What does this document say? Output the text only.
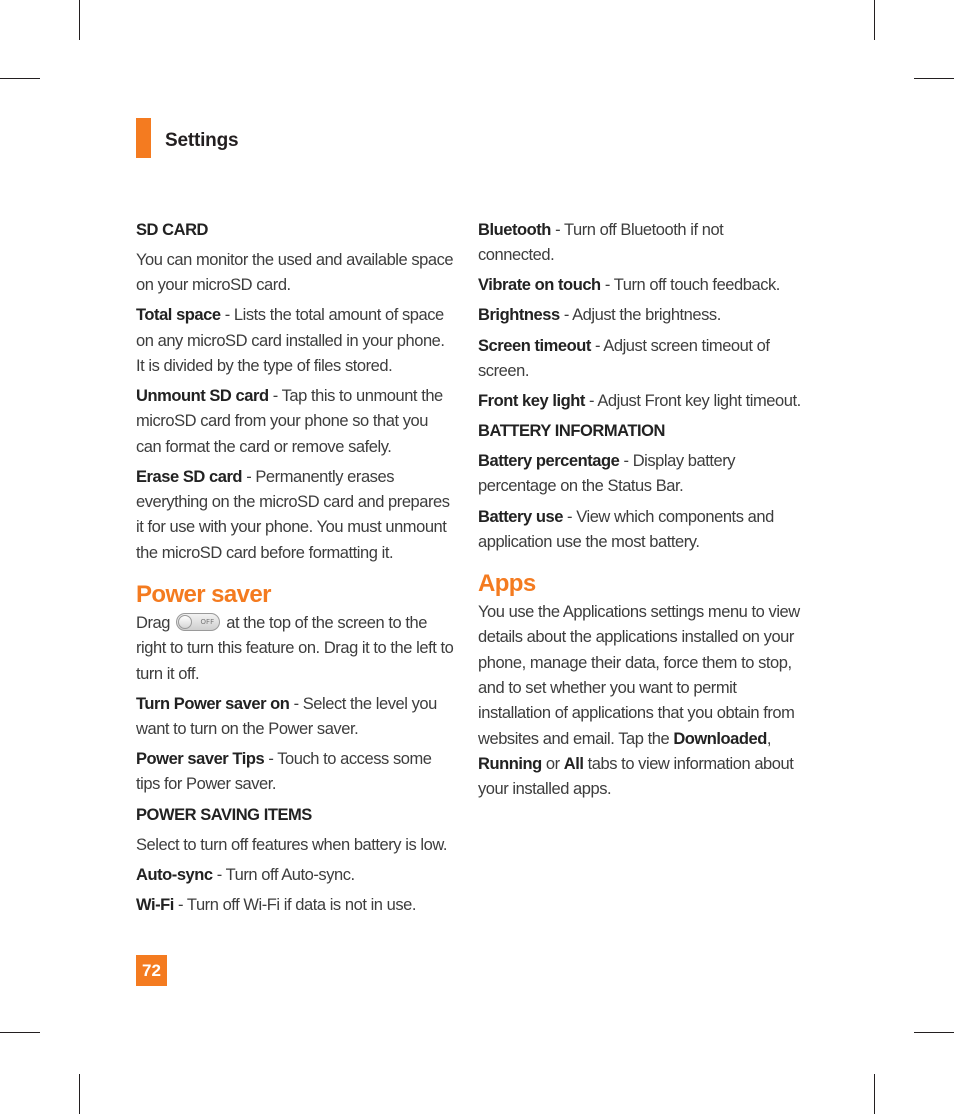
Settings
SD CARD

You can monitor the used and available space on your microSD card.

Total space - Lists the total amount of space on any microSD card installed in your phone. It is divided by the type of files stored.

Unmount SD card - Tap this to unmount the microSD card from your phone so that you can format the card or remove safely.

Erase SD card - Permanently erases everything on the microSD card and prepares it for use with your phone. You must unmount the microSD card before formatting it.

Power saver

Drag	OFF at the top of the screen to the right to turn this feature on. Drag it to the left to turn it off.

Turn Power saver on - Select the level you want to turn on the Power saver.

Power saver Tips - Touch to access some tips for Power saver.

POWER SAVING ITEMS

Select to turn off features when battery is low.

Auto-sync - Turn off Auto-sync.

Wi-Fi - Turn off Wi-Fi if data is not in use.

Bluetooth - Turn off Bluetooth if not connected.

Vibrate on touch - Turn off touch feedback.

Brightness - Adjust the brightness.

Screen timeout - Adjust screen timeout of screen.

Front key light - Adjust Front key light timeout.

BATTERY INFORMATION

Battery percentage - Display battery percentage on the Status Bar.

Battery use - View which components and application use the most battery.

Apps

You use the Applications settings menu to view details about the applications installed on your phone, manage their data, force them to stop, and to set whether you want to permit installation of applications that you obtain from websites and email. Tap the Downloaded, Running or All tabs to view information about your installed apps.

72
